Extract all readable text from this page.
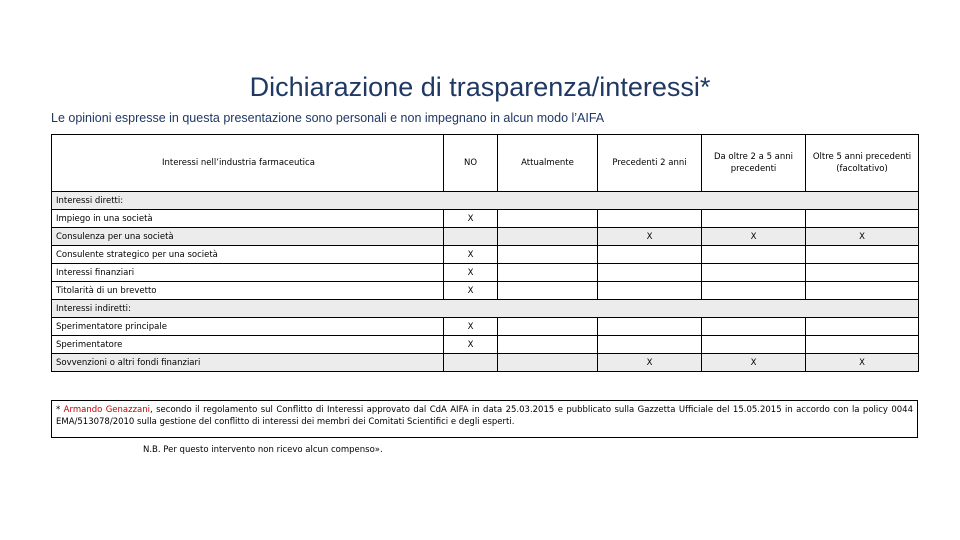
Dichiarazione di trasparenza/interessi*
Le opinioni espresse in questa presentazione sono personali e non impegnano in alcun modo l’AIFA
Interessi nell’industria farmaceutica	NO	Attualmente	Precedenti 2 anni	Da oltre 2 a 5 anni precedenti	Oltre 5 anni precedenti (facoltativo)
Interessi diretti:					
Impiego in una società	X				
Consulenza per una società			X	X	X
Consulente strategico per una società	X				
Interessi finanziari	X				
Titolarità di un brevetto	X				
Interessi indiretti:					
Sperimentatore principale	X				
Sperimentatore	X				
Sovvenzioni o altri fondi finanziari			X	X	X
* Armando Genazzani, secondo il regolamento sul Conflitto di Interessi approvato dal CdA AIFA in data 25.03.2015 e pubblicato sulla Gazzetta Ufficiale del 15.05.2015 in accordo con la policy 0044 EMA/513078/2010 sulla gestione del conflitto di interessi dei membri dei Comitati Scientifici e degli esperti.
N.B. Per questo intervento non ricevo alcun compenso».
